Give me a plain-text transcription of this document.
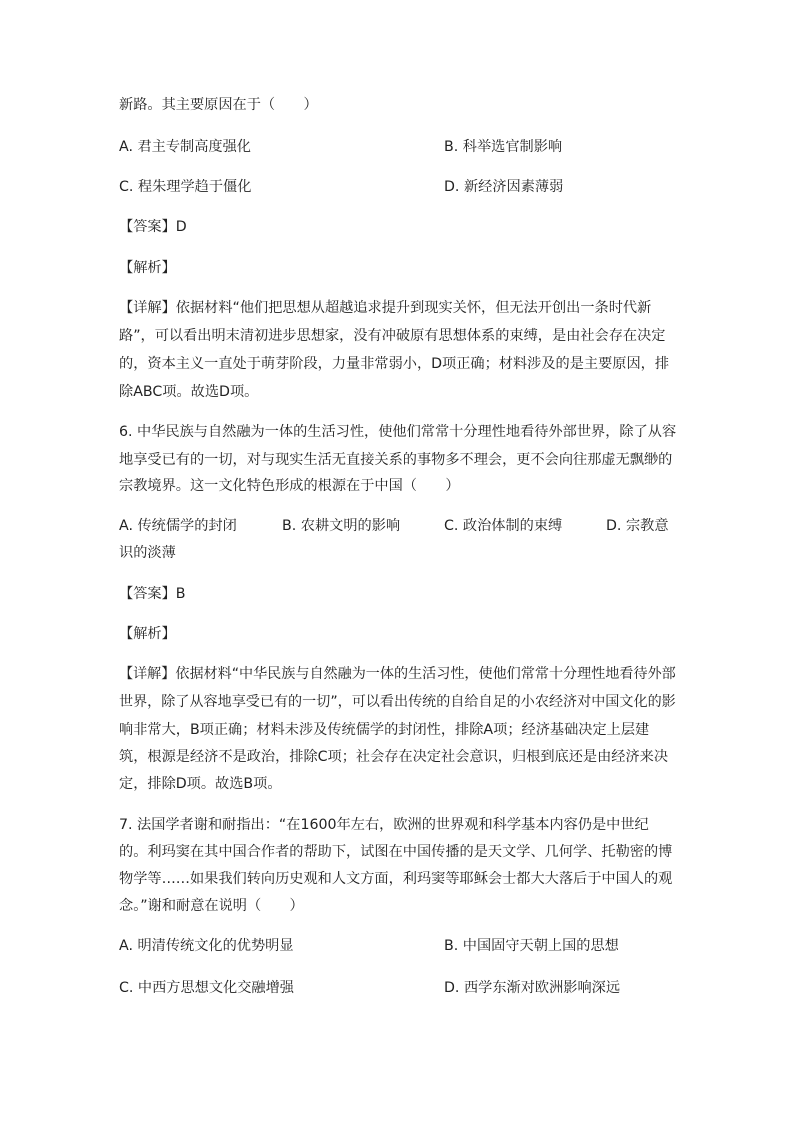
新路。其主要原因在于（　　）
A. 君主专制高度强化	B. 科举选官制影响
C. 程朱理学趋于僵化	D. 新经济因素薄弱
【答案】D
【解析】
【详解】依据材料“他们把思想从超越追求提升到现实关怀，但无法开创出一条时代新
路”，可以看出明末清初进步思想家，没有冲破原有思想体系的束缚，是由社会存在决定
的，资本主义一直处于萌芽阶段，力量非常弱小，D项正确；材料涉及的是主要原因，排
除ABC项。故选D项。
6. 中华民族与自然融为一体的生活习性，使他们常常十分理性地看待外部世界，除了从容
地享受已有的一切，对与现实生活无直接关系的事物多不理会，更不会向往那虚无飘缈的
宗教境界。这一文化特色形成的根源在于中国（　　）
A. 传统儒学的封闭	B. 农耕文明的影响	C. 政治体制的束缚	D. 宗教意
识的淡薄
【答案】B
【解析】
【详解】依据材料“中华民族与自然融为一体的生活习性，使他们常常十分理性地看待外部
世界，除了从容地享受已有的一切”，可以看出传统的自给自足的小农经济对中国文化的影
响非常大，B项正确；材料未涉及传统儒学的封闭性，排除A项；经济基础决定上层建
筑，根源是经济不是政治，排除C项；社会存在决定社会意识，归根到底还是由经济来决
定，排除D项。故选B项。
7. 法国学者谢和耐指出：“在1600年左右，欧洲的世界观和科学基本内容仍是中世纪
的。利玛窦在其中国合作者的帮助下，试图在中国传播的是天文学、几何学、托勒密的博
物学等……如果我们转向历史观和人文方面，利玛窦等耶稣会士都大大落后于中国人的观
念。”谢和耐意在说明（　　）
A. 明清传统文化的优势明显	B. 中国固守天朝上国的思想
C. 中西方思想文化交融增强	D. 西学东渐对欧洲影响深远
